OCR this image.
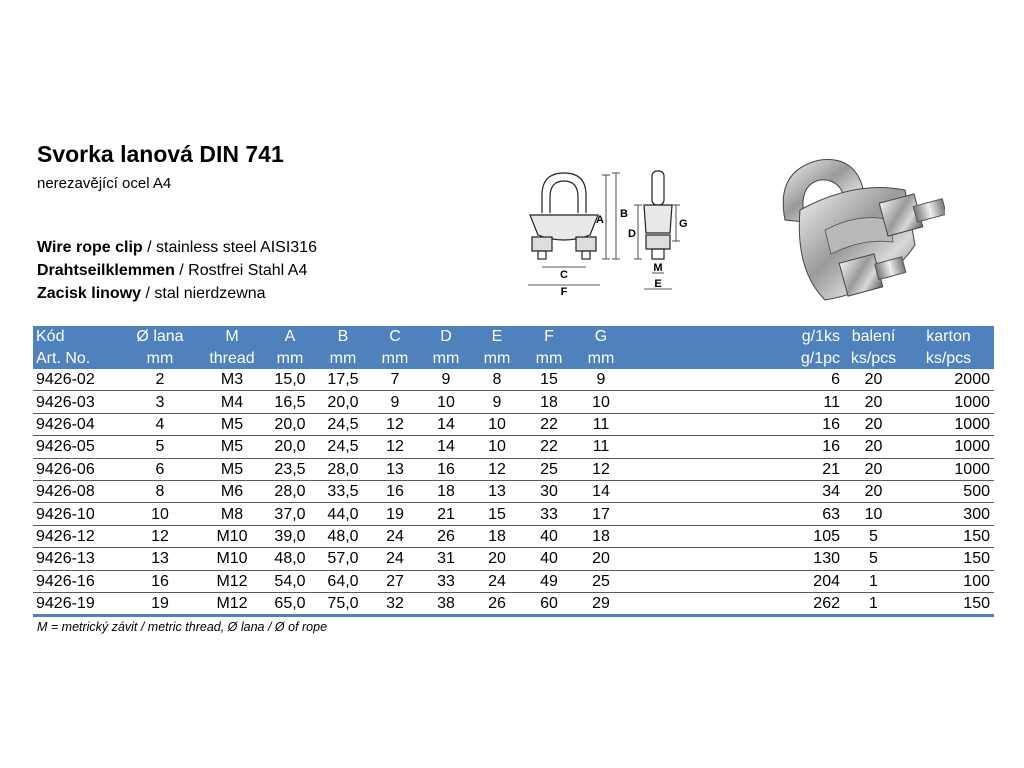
Svorka lanová DIN 741
nerezavějící ocel A4
Wire rope clip / stainless steel AISI316
Drahtseilklemmen / Rostfrei Stahl A4
Zacisk linowy / stal nierdzewna
A B
C
F
D
G
M
E
Kód	Ø lana	M	A	B	C	D	E	F	G		g/1ks	balení	karton
Art. No.	mm	thread	mm	mm	mm	mm	mm	mm	mm		g/1pc	ks/pcs	ks/pcs
9426-02	2	M3	15,0	17,5	7	9	8	15	9		6	20	2000
9426-03	3	M4	16,5	20,0	9	10	9	18	10		11	20	1000
9426-04	4	M5	20,0	24,5	12	14	10	22	11		16	20	1000
9426-05	5	M5	20,0	24,5	12	14	10	22	11		16	20	1000
9426-06	6	M5	23,5	28,0	13	16	12	25	12		21	20	1000
9426-08	8	M6	28,0	33,5	16	18	13	30	14		34	20	500
9426-10	10	M8	37,0	44,0	19	21	15	33	17		63	10	300
9426-12	12	M10	39,0	48,0	24	26	18	40	18		105	5	150
9426-13	13	M10	48,0	57,0	24	31	20	40	20		130	5	150
9426-16	16	M12	54,0	64,0	27	33	24	49	25		204	1	100
9426-19	19	M12	65,0	75,0	32	38	26	60	29		262	1	150
M = metrický závit / metric thread, Ø lana / Ø of rope
